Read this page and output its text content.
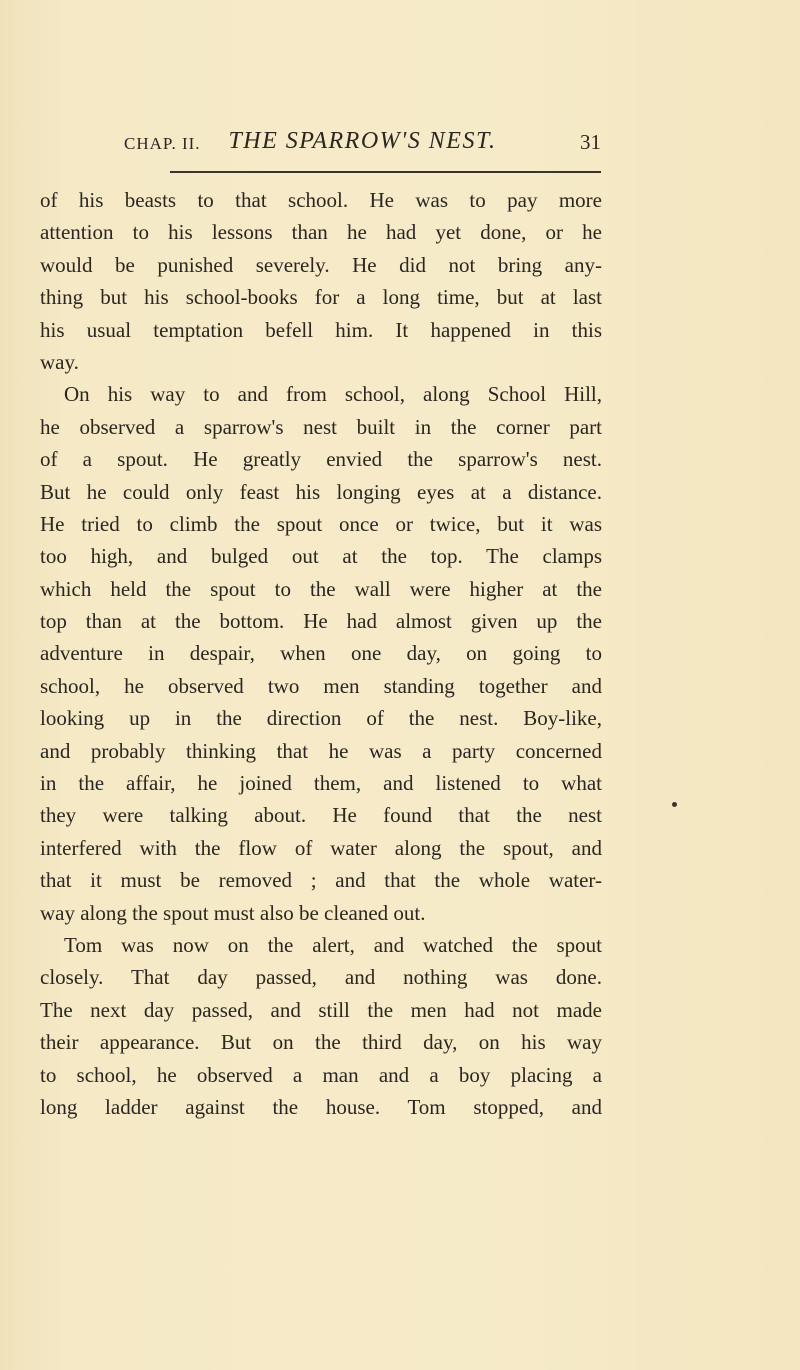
CHAP. II.	THE SPARROW'S NEST.	31
of his beasts to that school. He was to pay more
attention to his lessons than he had yet done, or he
would be punished severely. He did not bring any-
thing but his school-books for a long time, but at last
his usual temptation befell him. It happened in this
way.
On his way to and from school, along School Hill,
he observed a sparrow's nest built in the corner part
of a spout. He greatly envied the sparrow's nest.
But he could only feast his longing eyes at a distance.
He tried to climb the spout once or twice, but it was
too high, and bulged out at the top. The clamps
which held the spout to the wall were higher at the
top than at the bottom. He had almost given up the
adventure in despair, when one day, on going to
school, he observed two men standing together and
looking up in the direction of the nest. Boy-like,
and probably thinking that he was a party concerned
in the affair, he joined them, and listened to what
they were talking about. He found that the nest
interfered with the flow of water along the spout, and
that it must be removed ; and that the whole water-
way along the spout must also be cleaned out.
Tom was now on the alert, and watched the spout
closely. That day passed, and nothing was done.
The next day passed, and still the men had not made
their appearance. But on the third day, on his way
to school, he observed a man and a boy placing a
long ladder against the house. Tom stopped, and
